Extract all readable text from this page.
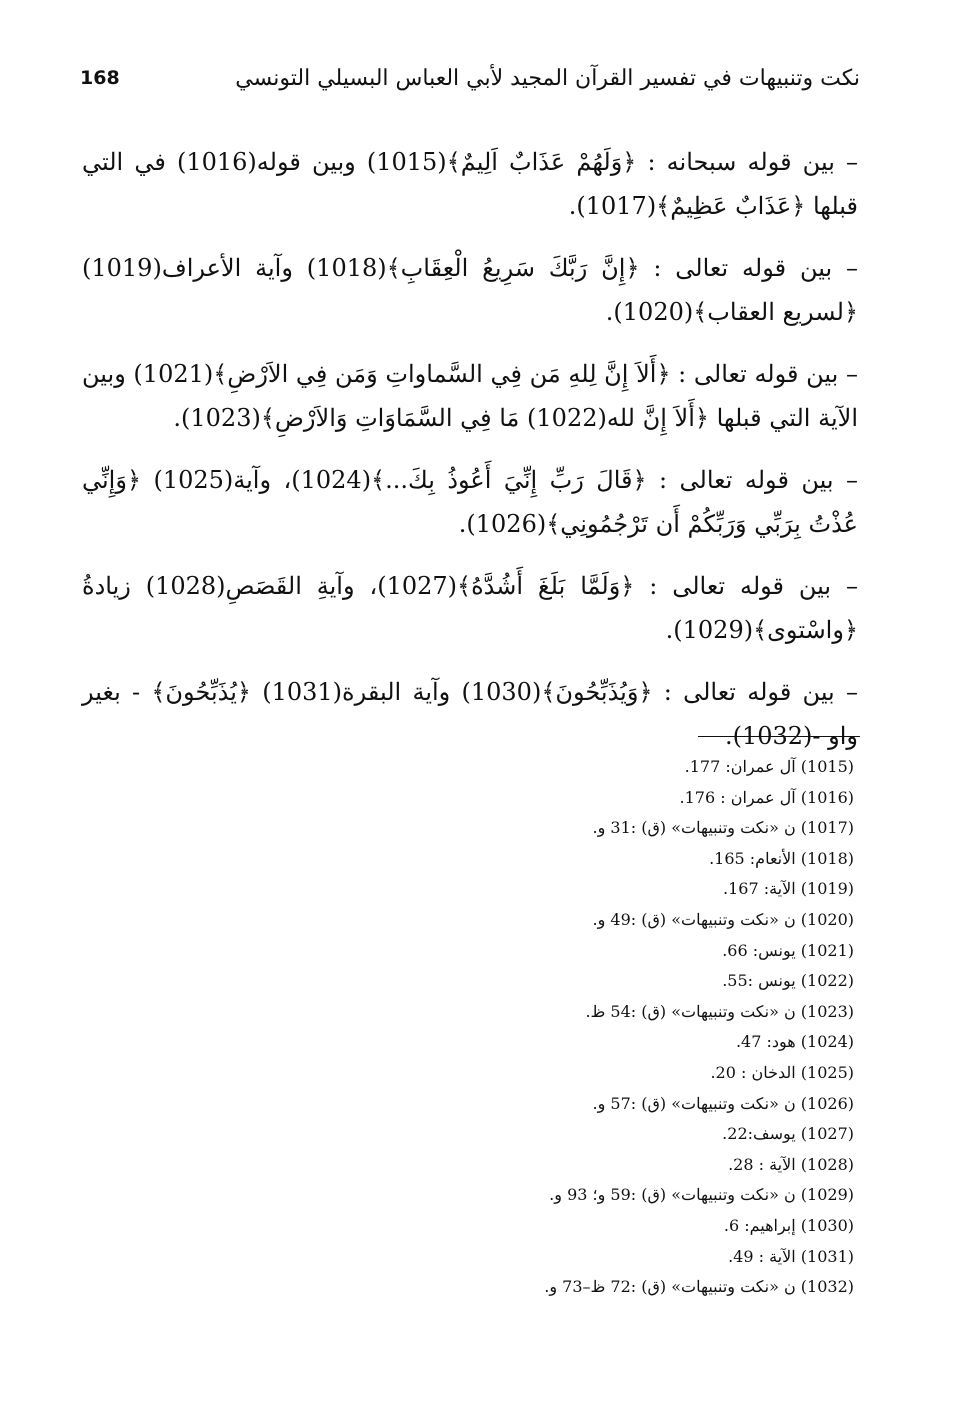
168	نكت وتنبيهات في تفسير القرآن المجيد لأبي العباس البسيلي التونسي

– بين قوله سبحانه : ﴿وَلَهُمْ عَذَابٌ اَلِيمٌ﴾(1015) وبين قوله(1016) في التي قبلها ﴿عَذَابٌ عَظِيمٌ﴾(1017).

– بين قوله تعالى : ﴿إِنَّ رَبَّكَ سَرِيعُ الْعِقَابِ﴾(1018) وآية الأعراف(1019) ﴿لسريع العقاب﴾(1020).

– بين قوله تعالى : ﴿أَلاَ إِنَّ لِلهِ مَن فِي السَّماواتِ وَمَن فِي الاَرْضِ﴾(1021) وبين الآية التي قبلها ﴿أَلاَ إِنَّ لله(1022) مَا فِي السَّمَاوَاتِ وَالاَرْضِ﴾(1023).

– بين قوله تعالى : ﴿قَالَ رَبِّ إِنِّيَ أَعُوذُ بِكَ...﴾(1024)، وآية(1025) ﴿وَإِنِّي عُذْتُ بِرَبِّي وَرَبِّكُمْ أَن تَرْجُمُونِي﴾(1026).

– بين قوله تعالى : ﴿وَلَمَّا بَلَغَ أَشُدَّهُ﴾(1027)، وآيةِ القَصَصِ(1028) زيادةُ ﴿واسْتوى﴾(1029).

– بين قوله تعالى : ﴿وَيُذَبِّحُونَ﴾(1030) وآية البقرة(1031) ﴿يُذَبِّحُونَ﴾ - بغير واو -(1032).

(1015) آل عمران: 177.
(1016) آل عمران : 176.
(1017) ن «نكت وتنبيهات» (ق) :31 و.
(1018) الأنعام: 165.
(1019) الآية: 167.
(1020) ن «نكت وتنبيهات» (ق) :49 و.
(1021) يونس: 66.
(1022) يونس :55.
(1023) ن «نكت وتنبيهات» (ق) :54 ظ.
(1024) هود: 47.
(1025) الدخان : 20.
(1026) ن «نكت وتنبيهات» (ق) :57 و.
(1027) يوسف:22.
(1028) الآية : 28.
(1029) ن «نكت وتنبيهات» (ق) :59 و؛ 93 و.
(1030) إبراهيم: 6.
(1031) الآية : 49.
(1032) ن «نكت وتنبيهات» (ق) :72 ظ–73 و.
